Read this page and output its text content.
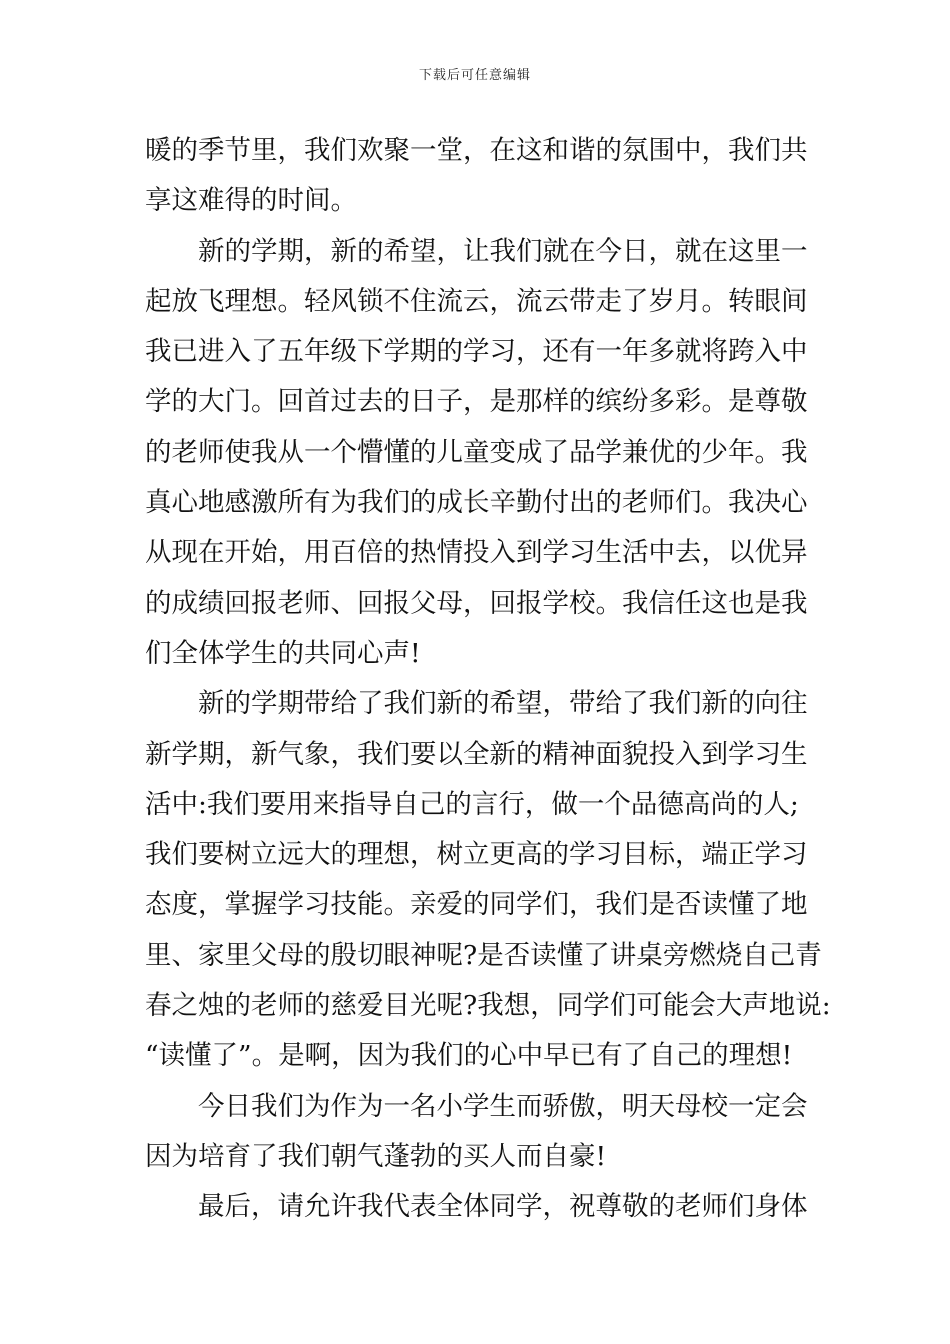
下载后可任意编辑
暖的季节里，我们欢聚一堂，在这和谐的氛围中，我们共
享这难得的时间。
新的学期，新的希望，让我们就在今日，就在这里一
起放飞理想。轻风锁不住流云，流云带走了岁月。转眼间
我已进入了五年级下学期的学习，还有一年多就将跨入中
学的大门。回首过去的日子，是那样的缤纷多彩。是尊敬
的老师使我从一个懵懂的儿童变成了品学兼优的少年。我
真心地感激所有为我们的成长辛勤付出的老师们。我决心
从现在开始，用百倍的热情投入到学习生活中去，以优异
的成绩回报老师、回报父母，回报学校。我信任这也是我
们全体学生的共同心声!
新的学期带给了我们新的希望，带给了我们新的向往
新学期，新气象，我们要以全新的精神面貌投入到学习生
活中:我们要用来指导自己的言行，做一个品德高尚的人;
我们要树立远大的理想，树立更高的学习目标，端正学习
态度，掌握学习技能。亲爱的同学们，我们是否读懂了地
里、家里父母的殷切眼神呢?是否读懂了讲桌旁燃烧自己青
春之烛的老师的慈爱目光呢?我想，同学们可能会大声地说:
“读懂了”。是啊，因为我们的心中早已有了自己的理想!
今日我们为作为一名小学生而骄傲，明天母校一定会
因为培育了我们朝气蓬勃的买人而自豪!
最后，请允许我代表全体同学，祝尊敬的老师们身体
